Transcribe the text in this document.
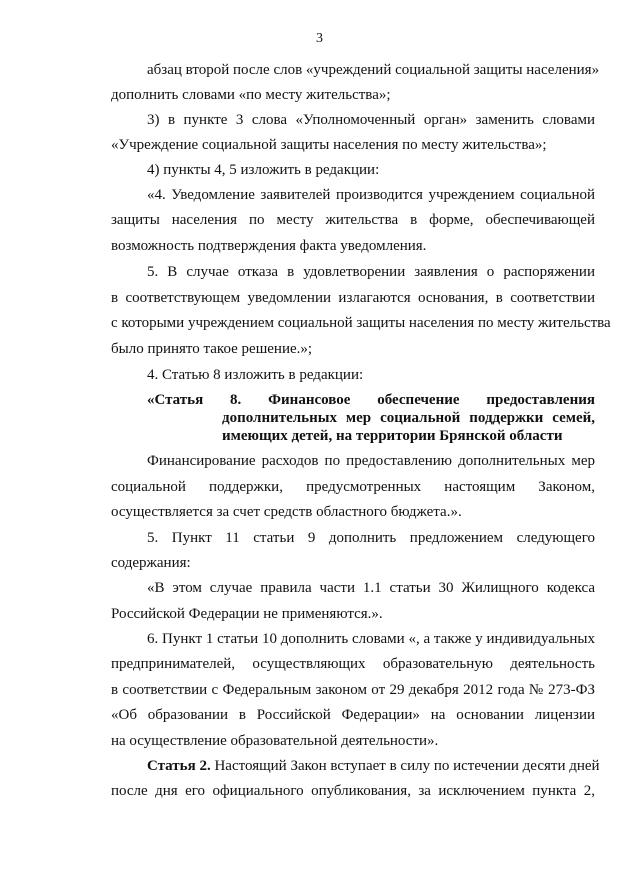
3
абзац второй после слов «учреждений социальной защиты населения»
дополнить словами «по месту жительства»;
3) в пункте 3 слова «Уполномоченный орган» заменить словами
«Учреждение социальной защиты населения по месту жительства»;
4) пункты 4, 5 изложить в редакции:
«4. Уведомление заявителей производится учреждением социальной
защиты населения по месту жительства в форме, обеспечивающей
возможность подтверждения факта уведомления.
5. В случае отказа в удовлетворении заявления о распоряжении
в соответствующем уведомлении излагаются основания, в соответствии
с которыми учреждением социальной защиты населения по месту жительства
было принято такое решение.»;
4. Статью 8 изложить в редакции:
«Статья 8. Финансовое обеспечение предоставления
дополнительных мер социальной поддержки семей,
имеющих детей, на территории Брянской области
Финансирование расходов по предоставлению дополнительных мер
социальной поддержки, предусмотренных настоящим Законом,
осуществляется за счет средств областного бюджета.».
5. Пункт 11 статьи 9 дополнить предложением следующего
содержания:
«В этом случае правила части 1.1 статьи 30 Жилищного кодекса
Российской Федерации не применяются.».
6. Пункт 1 статьи 10 дополнить словами «, а также у индивидуальных
предпринимателей, осуществляющих образовательную деятельность
в соответствии с Федеральным законом от 29 декабря 2012 года № 273-ФЗ
«Об образовании в Российской Федерации» на основании лицензии
на осуществление образовательной деятельности».
Статья 2. Настоящий Закон вступает в силу по истечении десяти дней
после дня его официального опубликования, за исключением пункта 2,
